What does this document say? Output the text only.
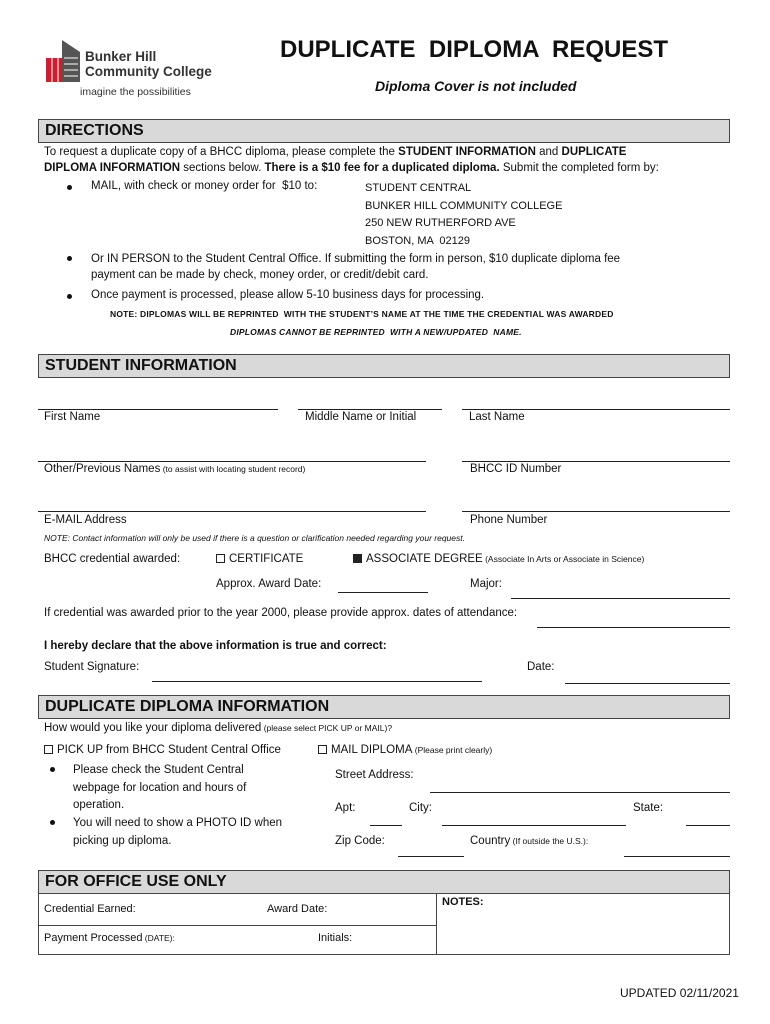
Bunker Hill
Community College
imagine the possibilities
DUPLICATE  DIPLOMA  REQUEST
Diploma Cover is not included
DIRECTIONS
To request a duplicate copy of a BHCC diploma, please complete the STUDENT INFORMATION and DUPLICATE
DIPLOMA INFORMATION sections below. There is a $10 fee for a duplicated diploma. Submit the completed form by:
MAIL, with check or money order for  $10 to:	STUDENT CENTRAL
BUNKER HILL COMMUNITY COLLEGE
250 NEW RUTHERFORD AVE
BOSTON, MA  02129
Or IN PERSON to the Student Central Office. If submitting the form in person, $10 duplicate diploma fee
payment can be made by check, money order, or credit/debit card.
Once payment is processed, please allow 5-10 business days for processing.
NOTE: DIPLOMAS WILL BE REPRINTED  WITH THE STUDENT’S NAME AT THE TIME THE CREDENTIAL WAS AWARDED
DIPLOMAS CANNOT BE REPRINTED  WITH A NEW/UPDATED  NAME.
STUDENT INFORMATION
First Name	Middle Name or Initial	Last Name
Other/Previous Names (to assist with locating student record)	BHCC ID Number
E-MAIL Address	Phone Number
NOTE: Contact information will only be used if there is a question or clarification needed regarding your request.
BHCC credential awarded:	CERTIFICATE	ASSOCIATE DEGREE (Associate In Arts or Associate in Science)
Approx. Award Date:	Major:
If credential was awarded prior to the year 2000, please provide approx. dates of attendance:
I hereby declare that the above information is true and correct:
Student Signature:	Date:
DUPLICATE DIPLOMA INFORMATION
How would you like your diploma delivered (please select PICK UP or MAIL)?
PICK UP from BHCC Student Central Office
Please check the Student Central
webpage for location and hours of
operation.
You will need to show a PHOTO ID when
picking up diploma.
MAIL DIPLOMA (Please print clearly)
Street Address:
Apt:	City:	State:
Zip Code:	Country (If outside the U.S.):
FOR OFFICE USE ONLY
Credential Earned:	Award Date:
NOTES:
Payment Processed (DATE):	Initials:
UPDATED 02/11/2021
